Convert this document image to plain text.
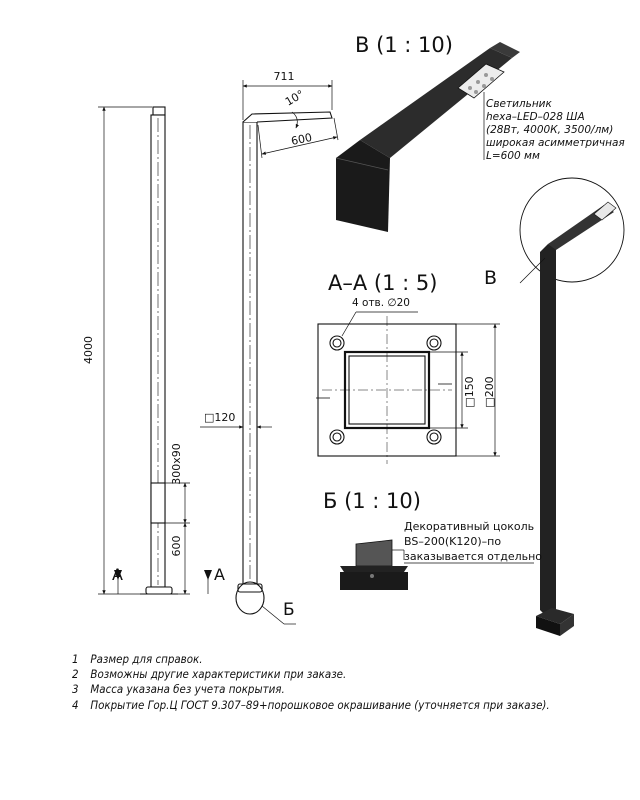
4000
300x90
600
А	А
711
10°
600
□120
Б
В (1 : 10)
Светильник hexa–LED–028 ША (28Вт, 4000К, 3500/лм) широкая асимметричная L=600 мм
В
А–А (1 : 5)
4 отв. ∅20
□150 □200
Б (1 : 10)
Декоративный цоколь BS–200(K120)–по заказывается отдельно
1	Размер для справок.
2	Возможны другие характеристики при заказе.
3	Масса указана без учета покрытия.
4	Покрытие Гор.Ц ГОСТ 9.307–89+порошковое окрашивание (уточняется при заказе).
